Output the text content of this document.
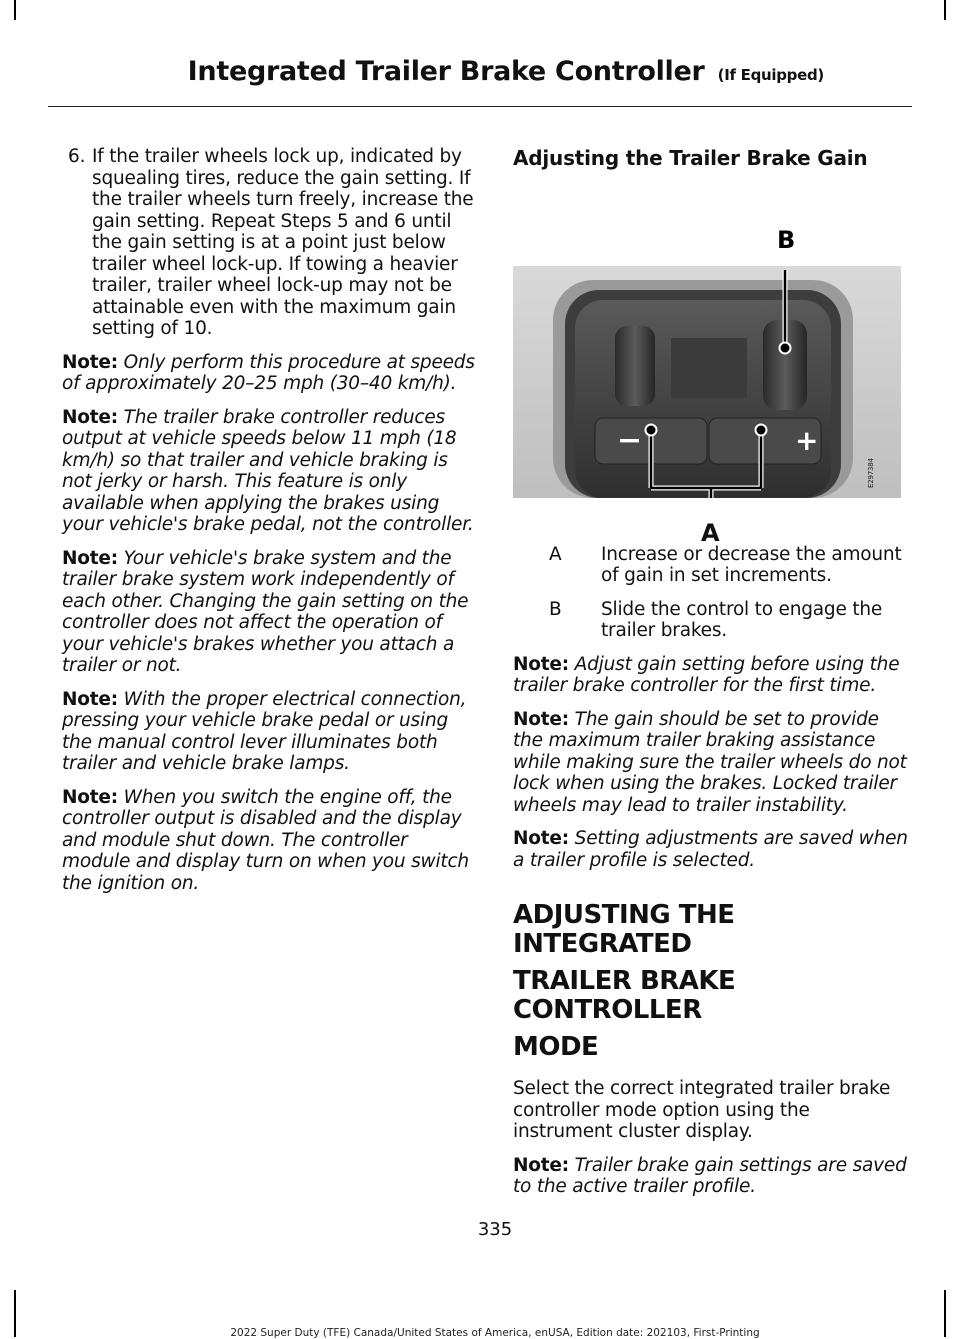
Integrated Trailer Brake Controller (If Equipped)
6. If the trailer wheels lock up, indicated by squealing tires, reduce the gain setting. If the trailer wheels turn freely, increase the gain setting. Repeat Steps 5 and 6 until the gain setting is at a point just below trailer wheel lock-up. If towing a heavier trailer, trailer wheel lock-up may not be attainable even with the maximum gain setting of 10.

Note: Only perform this procedure at speeds of approximately 20–25 mph (30–40 km/h).

Note: The trailer brake controller reduces output at vehicle speeds below 11 mph (18 km/h) so that trailer and vehicle braking is not jerky or harsh. This feature is only available when applying the brakes using your vehicle's brake pedal, not the controller.

Note: Your vehicle's brake system and the trailer brake system work independently of each other. Changing the gain setting on the controller does not affect the operation of your vehicle's brakes whether you attach a trailer or not.

Note: With the proper electrical connection, pressing your vehicle brake pedal or using the manual control lever illuminates both trailer and vehicle brake lamps.

Note: When you switch the engine off, the controller output is disabled and the display and module shut down. The controller module and display turn on when you switch the ignition on.

Adjusting the Trailer Brake Gain
−	+
B
E297384
A
A	Increase or decrease the amount of gain in set increments.
B	Slide the control to engage the trailer brakes.

Note: Adjust gain setting before using the trailer brake controller for the first time.

Note: The gain should be set to provide the maximum trailer braking assistance while making sure the trailer wheels do not lock when using the brakes. Locked trailer wheels may lead to trailer instability.

Note: Setting adjustments are saved when a trailer profile is selected.

ADJUSTING THE INTEGRATED
TRAILER BRAKE CONTROLLER
MODE

Select the correct integrated trailer brake controller mode option using the instrument cluster display.

Note: Trailer brake gain settings are saved to the active trailer profile.

335
2022 Super Duty (TFE) Canada/United States of America, enUSA, Edition date: 202103, First-Printing
